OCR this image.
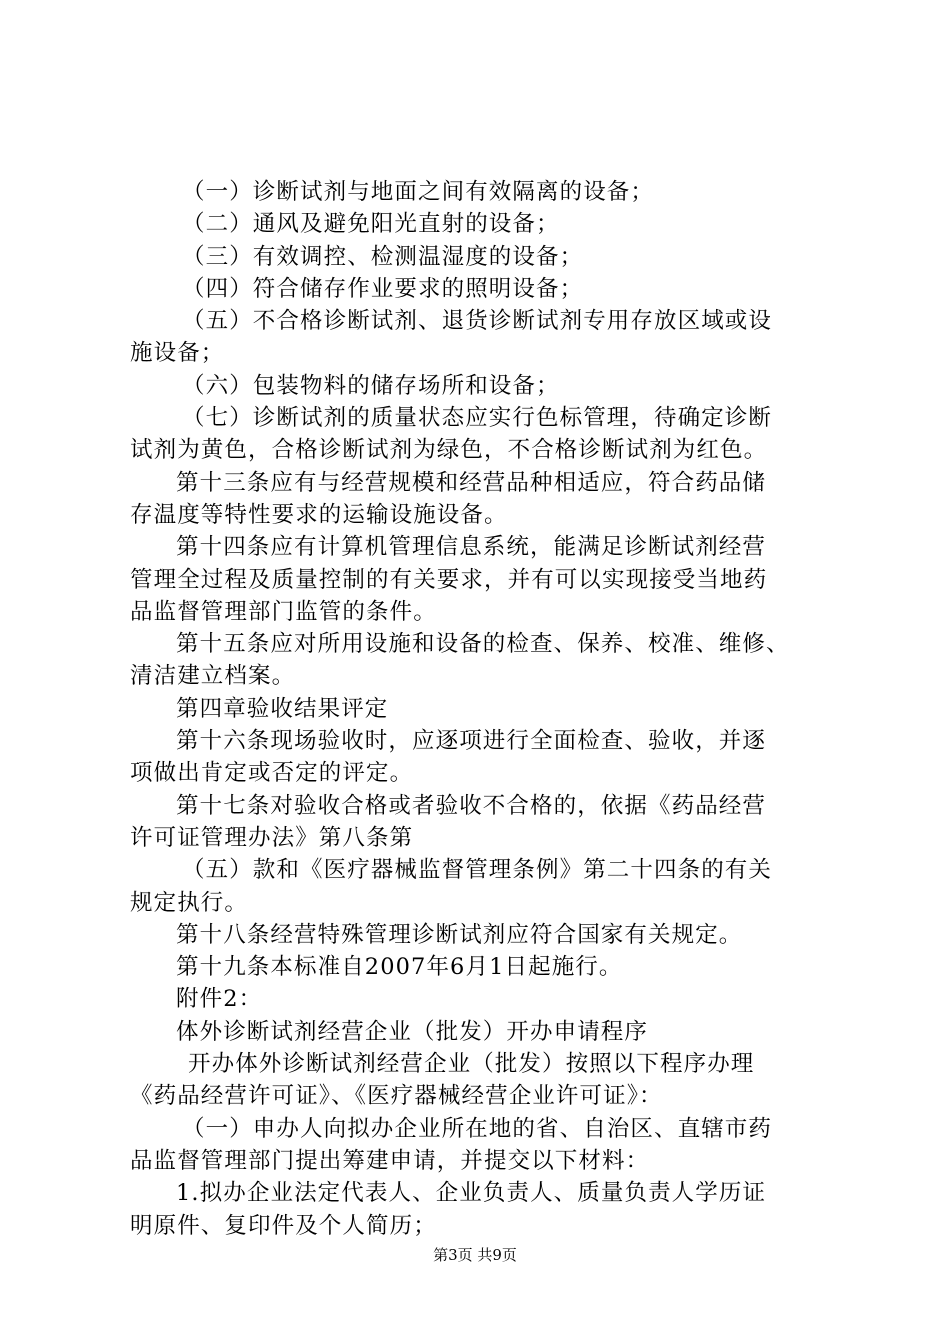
（一）诊断试剂与地面之间有效隔离的设备；
（二）通风及避免阳光直射的设备；
（三）有效调控、检测温湿度的设备；
（四）符合储存作业要求的照明设备；
（五）不合格诊断试剂、退货诊断试剂专用存放区域或设
施设备；
（六）包装物料的储存场所和设备；
（七）诊断试剂的质量状态应实行色标管理，待确定诊断
试剂为黄色，合格诊断试剂为绿色，不合格诊断试剂为红色。
第十三条应有与经营规模和经营品种相适应，符合药品储
存温度等特性要求的运输设施设备。
第十四条应有计算机管理信息系统，能满足诊断试剂经营
管理全过程及质量控制的有关要求，并有可以实现接受当地药
品监督管理部门监管的条件。
第十五条应对所用设施和设备的检查、保养、校准、维修、
清洁建立档案。
第四章验收结果评定
第十六条现场验收时，应逐项进行全面检查、验收，并逐
项做出肯定或否定的评定。
第十七条对验收合格或者验收不合格的，依据《药品经营
许可证管理办法》第八条第
（五）款和《医疗器械监督管理条例》第二十四条的有关
规定执行。
第十八条经营特殊管理诊断试剂应符合国家有关规定。
第十九条本标准自2007年6月1日起施行。
附件2：
体外诊断试剂经营企业（批发）开办申请程序
开办体外诊断试剂经营企业（批发）按照以下程序办理
《药品经营许可证》、《医疗器械经营企业许可证》：
（一）申办人向拟办企业所在地的省、自治区、直辖市药
品监督管理部门提出筹建申请，并提交以下材料：
1.拟办企业法定代表人、企业负责人、质量负责人学历证
明原件、复印件及个人简历；
第3页 共9页
